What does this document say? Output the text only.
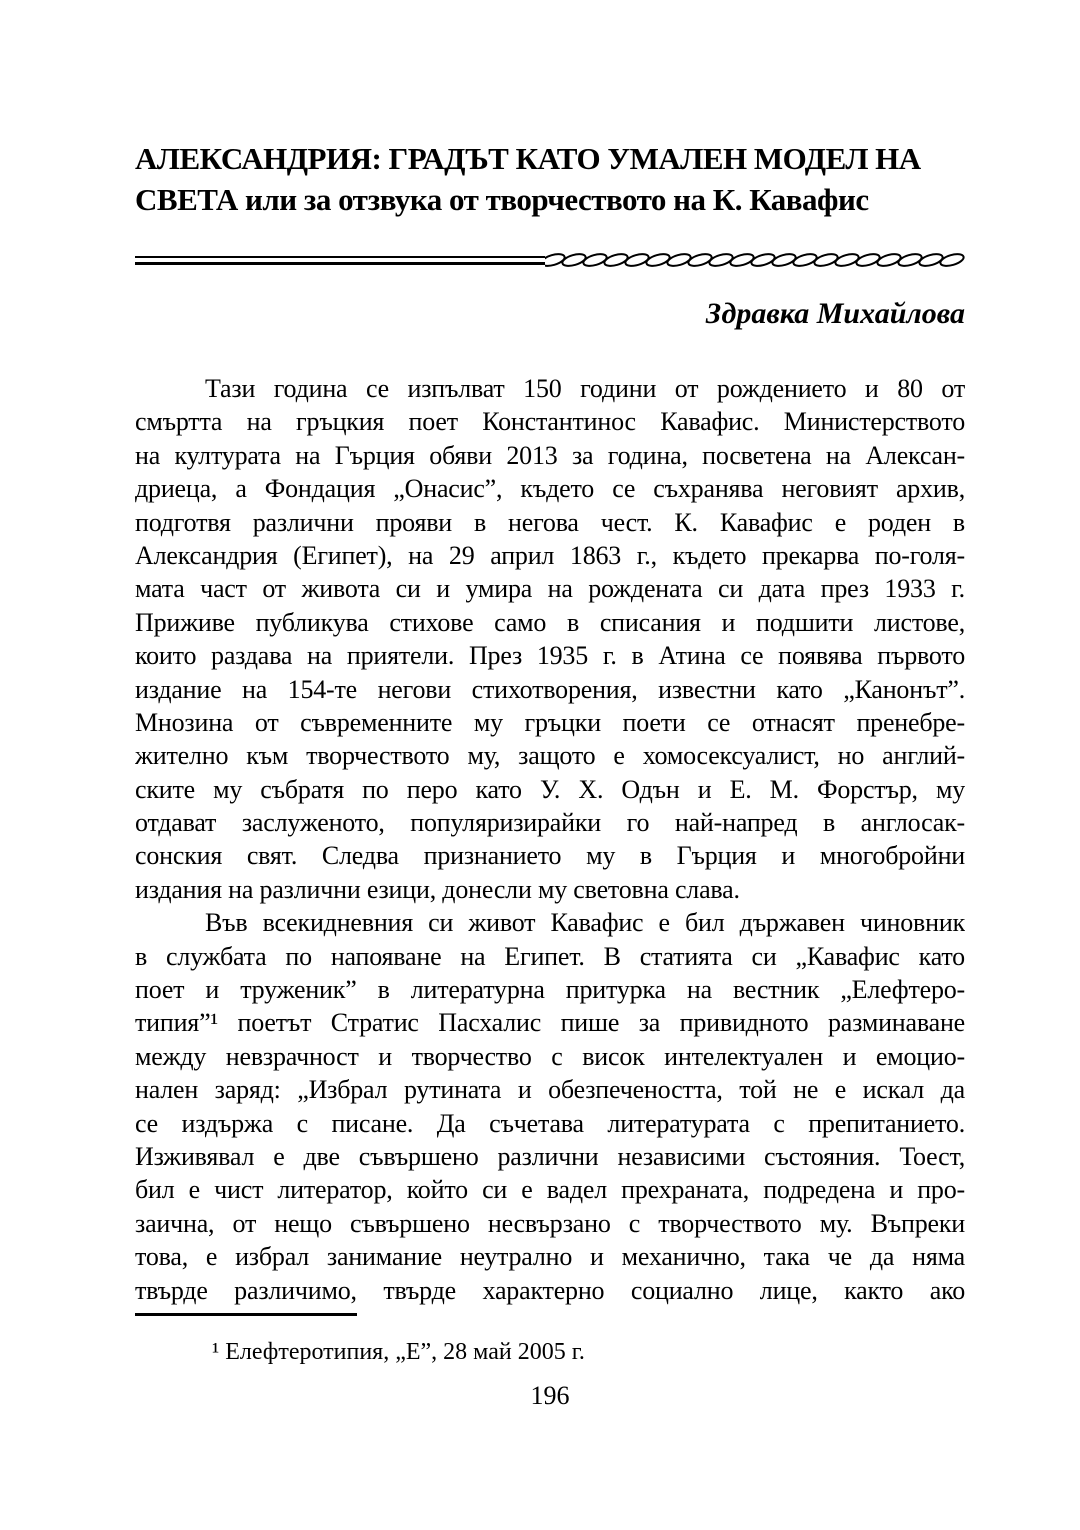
АЛЕКСАНДРИЯ: ГРАДЪТ КАТО УМАЛЕН МОДЕЛ НА
СВЕТА или за отзвука от творчеството на К. Кавафис
Здравка Михайлова
Тази година се изпълват 150 години от рождението и 80 от
смъртта на гръцкия поет Константинос Кавафис. Министерството
на културата на Гърция обяви 2013 за година, посветена на Алексан-
дриеца, а Фондация „Онасис”, където се съхранява неговият архив,
подготвя различни прояви в негова чест. К. Кавафис е роден в
Александрия (Египет), на 29 април 1863 г., където прекарва по-голя-
мата част от живота си и умира на рождената си дата през 1933 г.
Приживе публикува стихове само в списания и подшити листове,
които раздава на приятели. През 1935 г. в Атина се появява първото
издание на 154-те негови стихотворения, известни като „Канонът”.
Мнозина от съвременните му гръцки поети се отнасят пренебре-
жително към творчеството му, защото е хомосексуалист, но англий-
ските му събратя по перо като У. Х. Одън и Е. М. Форстър, му
отдават заслуженото, популяризирайки го най-напред в англосак-
сонския свят. Следва признанието му в Гърция и многобройни
издания на различни езици, донесли му световна слава.
Във всекидневния си живот Кавафис е бил държавен чиновник
в службата по напояване на Египет. В статията си „Кавафис като
поет и труженик” в литературна притурка на вестник „Елефтеро-
типия”¹ поетът Стратис Пасхалис пише за привидното разминаване
между невзрачност и творчество с висок интелектуален и емоцио-
нален заряд: „Избрал рутината и обезпечеността, той не е искал да
се издържа с писане. Да съчетава литературата с препитанието.
Изживявал е две съвършено различни независими състояния. Тоест,
бил е чист литератор, който си е вадел прехраната, подредена и про-
заична, от нещо съвършено несвързано с творчеството му. Въпреки
това, е избрал занимание неутрално и механично, така че да няма
твърде различимо, твърде характерно социално лице, както ако
¹ Елефтеротипия, „Е”, 28 май 2005 г.
196
